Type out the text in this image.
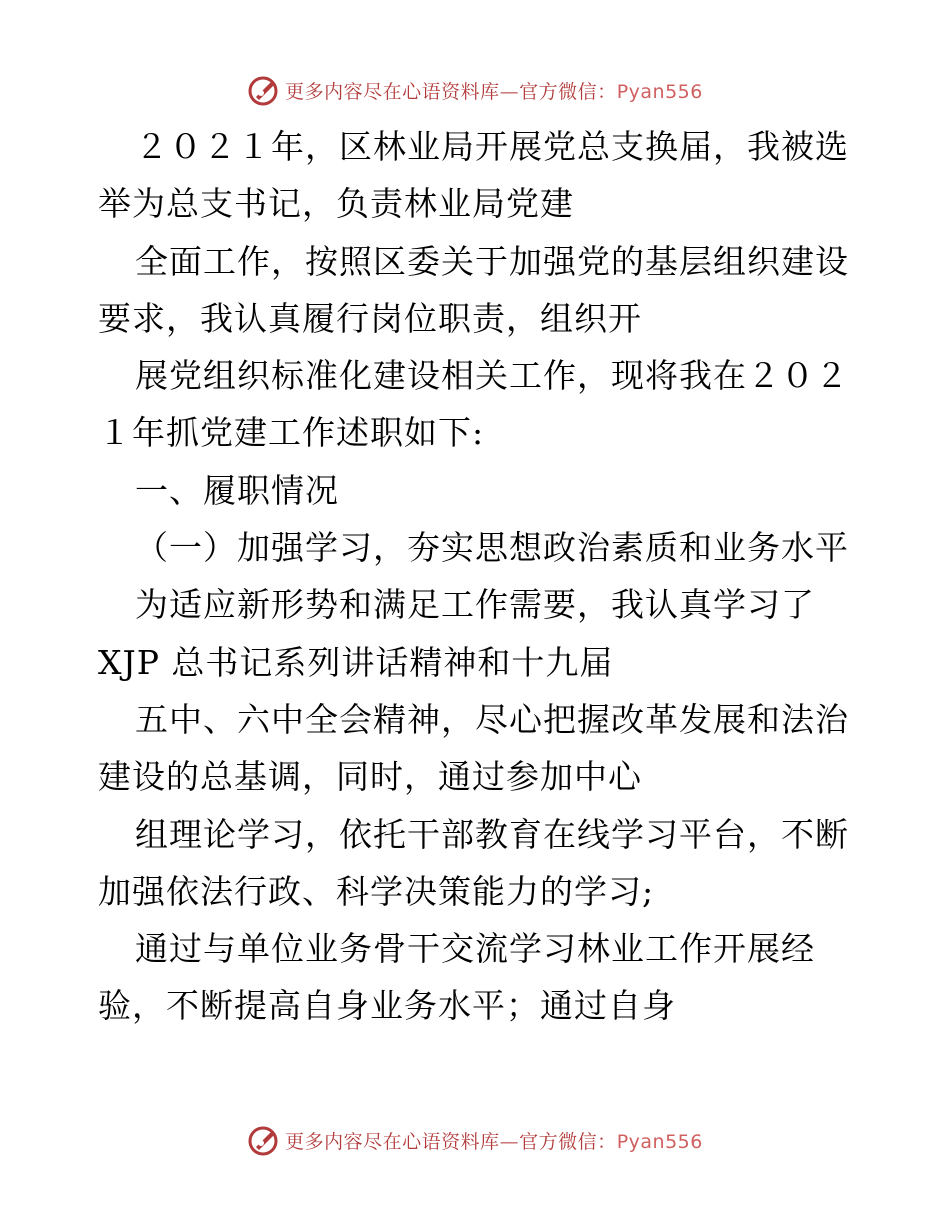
更多内容尽在心语资料库—官方微信：Pyan556
２０２１年，区林业局开展党总支换届，我被选
举为总支书记，负责林业局党建
全面工作，按照区委关于加强党的基层组织建设
要求，我认真履行岗位职责，组织开
展党组织标准化建设相关工作，现将我在２０２
１年抓党建工作述职如下:
一、履职情况
（一）加强学习，夯实思想政治素质和业务水平
为适应新形势和满足工作需要，我认真学习了
XJP 总书记系列讲话精神和十九届
五中、六中全会精神，尽心把握改革发展和法治
建设的总基调，同时，通过参加中心
组理论学习，依托干部教育在线学习平台，不断
加强依法行政、科学决策能力的学习;
通过与单位业务骨干交流学习林业工作开展经
验，不断提高自身业务水平；通过自身
更多内容尽在心语资料库—官方微信：Pyan556
